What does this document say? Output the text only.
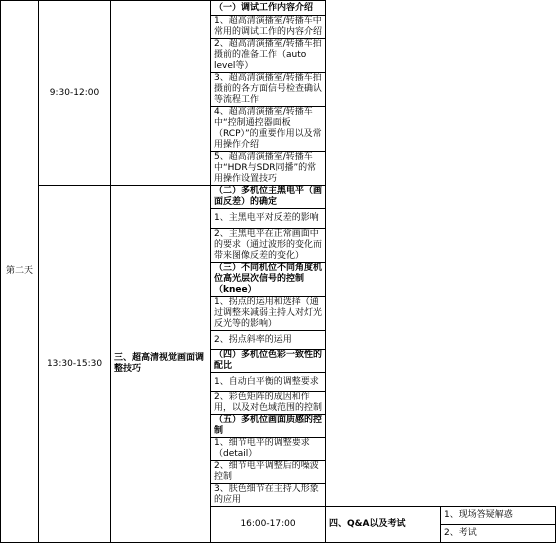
第二天	9:30-12:00		（一）调试工作内容介绍		
			1、超高清演播室/转播车中常用的调试工作的内容介绍		
			2、超高清演播室/转播车拍摄前的准备工作（auto level等）		
			3、超高清演播室/转播车拍摄前的各方面信号检查确认等流程工作		
			4、超高清演播室/转播车中“控制通控器面板（RCP）”的重要作用以及常用操作介绍		
			5、超高清演播室/转播车中“HDR与SDR同播”的常用操作设置技巧		
	13:30-15:30	三、超高清视觉画面调整技巧	（二）多机位主黑电平（画面反差）的确定		
			1、主黑电平对反差的影响		
			2、主黑电平在正常画面中的要求（通过波形的变化而带来图像反差的变化）		
			（三）不同机位不同角度机位高光层次信号的控制（knee）		
			1、拐点的运用和选择（通过调整来减弱主持人对灯光反光等的影响）		
			2、拐点斜率的运用		
			（四）多机位色彩一致性的配比		
			1、自动白平衡的调整要求		
			2、彩色矩阵的成因和作用，以及对色域范围的控制		
			（五）多机位画面质感的控制		
			1、细节电平的调整要求（detail）		
			2、细节电平调整后的噪波控制		
			3、肤色细节在主持人形象的应用		
			16:00-17:00	四、Q&A以及考试	1、现场答疑解惑
					2、考试
